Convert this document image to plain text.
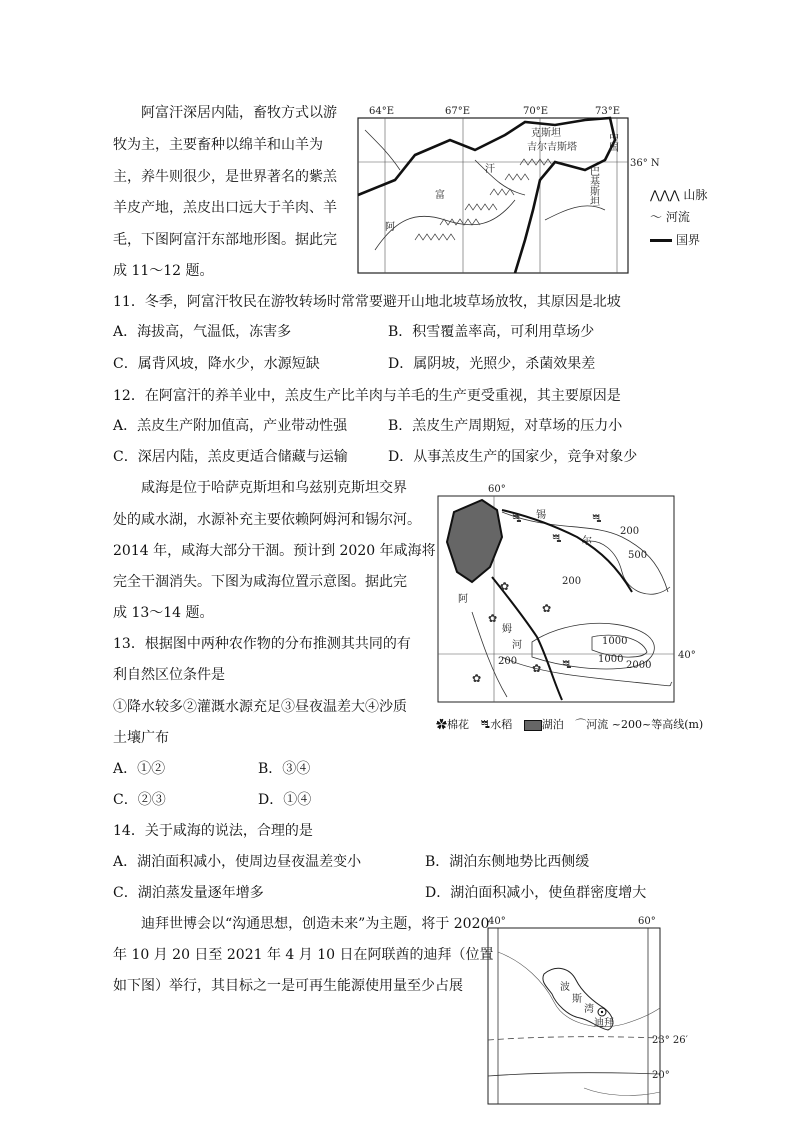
阿富汗深居内陆，畜牧方式以游
牧为主，主要畜种以绵羊和山羊为
主，养牛则很少，是世界著名的紫羔
羊皮产地，羔皮出口远大于羊肉、羊
毛，下图阿富汗东部地形图。据此完
成 11～12 题。
64°E	67°E	70°E	73°E
36° N
克斯坦
吉尔吉斯塔	中国
巴基斯坦
汗
富
阿
⋀⋀⋀ 山脉
〜 河流
国界
11．冬季，阿富汗牧民在游牧转场时常常要避开山地北坡草场放牧，其原因是北坡
A．海拔高，气温低，冻害多	B．积雪覆盖率高，可利用草场少
C．属背风坡，降水少，水源短缺	D．属阴坡，光照少，杀菌效果差
12．在阿富汗的养羊业中，羔皮生产比羊肉与羊毛的生产更受重视，其主要原因是
A．羔皮生产附加值高，产业带动性强	B．羔皮生产周期短，对草场的压力小
C．深居内陆，羔皮更适合储藏与运输	D．从事羔皮生产的国家少，竞争对象少
咸海是位于哈萨克斯坦和乌兹别克斯坦交界
处的咸水湖，水源补充主要依赖阿姆河和锡尔河。
2014 年，咸海大部分干涸。预计到 2020 年咸海将
完全干涸消失。下图为咸海位置示意图。据此完
成 13～14 题。
60°
40°
200
500
200
1000
1000
2000
200
锡
尔
阿
姆
河
ꗀ
ꗀ
✿
✿
✿
✿
✿
ꗀ
ꗀ
✿棉花 ꗀ水稻	湖泊 ⌒河流 ~200~等高线(m)
13．根据图中两种农作物的分布推测其共同的有
利自然区位条件是
①降水较多②灌溉水源充足③昼夜温差大④沙质
土壤广布
A．①②	B．③④
C．②③	D．①④
14．关于咸海的说法，合理的是
A．湖泊面积减小，使周边昼夜温差变小	B．湖泊东侧地势比西侧缓
C．湖泊蒸发量逐年增多	D．湖泊面积减小，使鱼群密度增大
迪拜世博会以“沟通思想，创造未来”为主题，将于 2020
年 10 月 20 日至 2021 年 4 月 10 日在阿联酋的迪拜（位置
如下图）举行，其目标之一是可再生能源使用量至少占展
40°	60°
波
斯
湾
迪拜
23° 26′
20°
